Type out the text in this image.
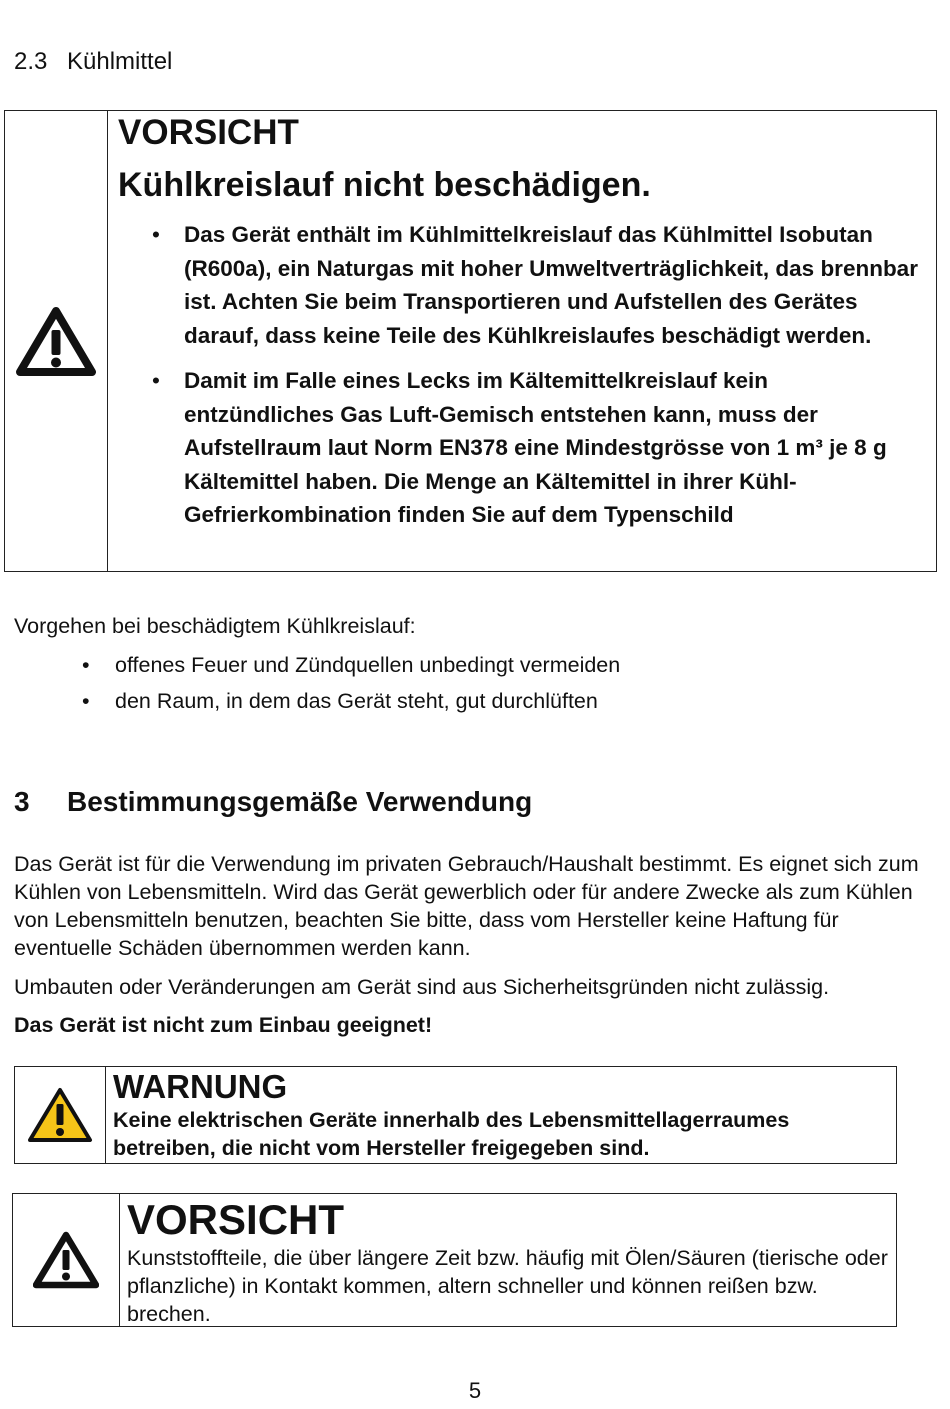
2.3 Kühlmittel
VORSICHT
Kühlkreislauf nicht beschädigen.
• Das Gerät enthält im Kühlmittelkreislauf das Kühlmittel Isobutan (R600a), ein Naturgas mit hoher Umweltverträglichkeit, das brennbar ist. Achten Sie beim Transportieren und Aufstellen des Gerätes darauf, dass keine Teile des Kühlkreislaufes beschädigt werden.
• Damit im Falle eines Lecks im Kältemittelkreislauf kein entzündliches Gas Luft-Gemisch entstehen kann, muss der Aufstellraum laut Norm EN378 eine Mindestgrösse von 1 m³ je 8 g Kältemittel haben. Die Menge an Kältemittel in ihrer Kühl-Gefrierkombination finden Sie auf dem Typenschild
Vorgehen bei beschädigtem Kühlkreislauf:
• offenes Feuer und Zündquellen unbedingt vermeiden
• den Raum, in dem das Gerät steht, gut durchlüften
3 Bestimmungsgemäße Verwendung
Das Gerät ist für die Verwendung im privaten Gebrauch/Haushalt bestimmt. Es eignet sich zum Kühlen von Lebensmitteln. Wird das Gerät gewerblich oder für andere Zwecke als zum Kühlen von Lebensmitteln benutzen, beachten Sie bitte, dass vom Hersteller keine Haftung für eventuelle Schäden übernommen werden kann.
Umbauten oder Veränderungen am Gerät sind aus Sicherheitsgründen nicht zulässig.
Das Gerät ist nicht zum Einbau geeignet!
WARNUNG
Keine elektrischen Geräte innerhalb des Lebensmittellagerraumes betreiben, die nicht vom Hersteller freigegeben sind.
VORSICHT
Kunststoffteile, die über längere Zeit bzw. häufig mit Ölen/Säuren (tierische oder pflanzliche) in Kontakt kommen, altern schneller und können reißen bzw. brechen.
5
